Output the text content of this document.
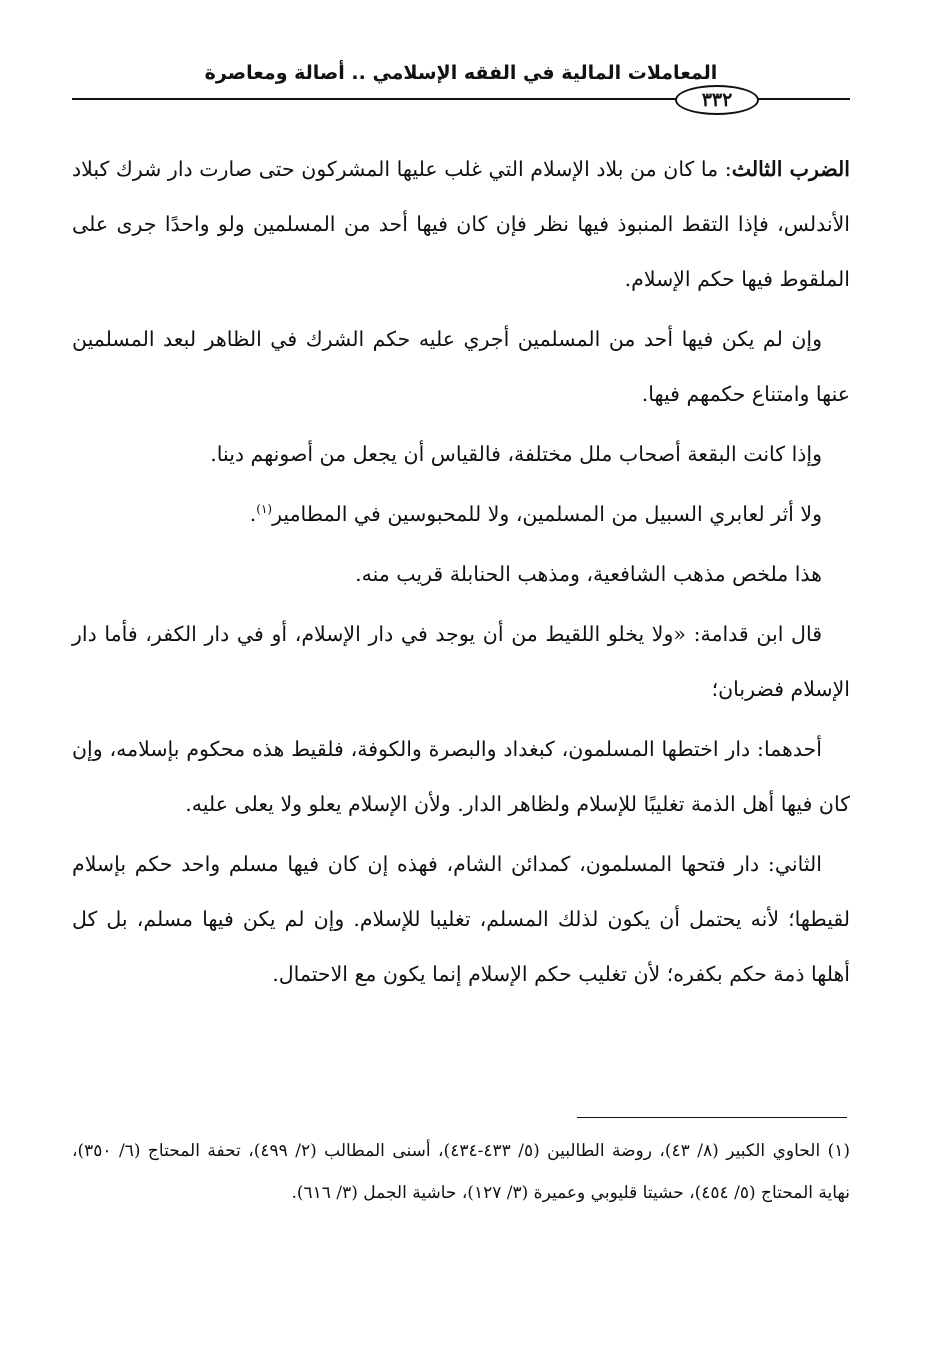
المعاملات المالية في الفقه الإسلامي .. أصالة ومعاصرة
٣٣٢

الضرب الثالث: ما كان من بلاد الإسلام التي غلب عليها المشركون حتى صارت دار شرك كبلاد الأندلس، فإذا التقط المنبوذ فيها نظر فإن كان فيها أحد من المسلمين ولو واحدًا جرى على الملقوط فيها حكم الإسلام.

وإن لم يكن فيها أحد من المسلمين أجري عليه حكم الشرك في الظاهر لبعد المسلمين عنها وامتناع حكمهم فيها.

وإذا كانت البقعة أصحاب ملل مختلفة، فالقياس أن يجعل من أصونهم دينا.

ولا أثر لعابري السبيل من المسلمين، ولا للمحبوسين في المطامير$^{(١)}$.

هذا ملخص مذهب الشافعية، ومذهب الحنابلة قريب منه.

قال ابن قدامة: «ولا يخلو اللقيط من أن يوجد في دار الإسلام، أو في دار الكفر، فأما دار الإسلام فضربان؛

أحدهما: دار اختطها المسلمون، كبغداد والبصرة والكوفة، فلقيط هذه محكوم بإسلامه، وإن كان فيها أهل الذمة تغليبًا للإسلام ولظاهر الدار. ولأن الإسلام يعلو ولا يعلى عليه.

الثاني: دار فتحها المسلمون، كمدائن الشام، فهذه إن كان فيها مسلم واحد حكم بإسلام لقيطها؛ لأنه يحتمل أن يكون لذلك المسلم، تغليبا للإسلام. وإن لم يكن فيها مسلم، بل كل أهلها ذمة حكم بكفره؛ لأن تغليب حكم الإسلام إنما يكون مع الاحتمال.

(١) الحاوي الكبير (٨/ ٤٣)، روضة الطالبين (٥/ ٤٣٣-٤٣٤)، أسنى المطالب (٢/ ٤٩٩)، تحفة المحتاج (٦/ ٣٥٠)، نهاية المحتاج (٥/ ٤٥٤)، حشيتا قليوبي وعميرة (٣/ ١٢٧)، حاشية الجمل (٣/ ٦١٦).
